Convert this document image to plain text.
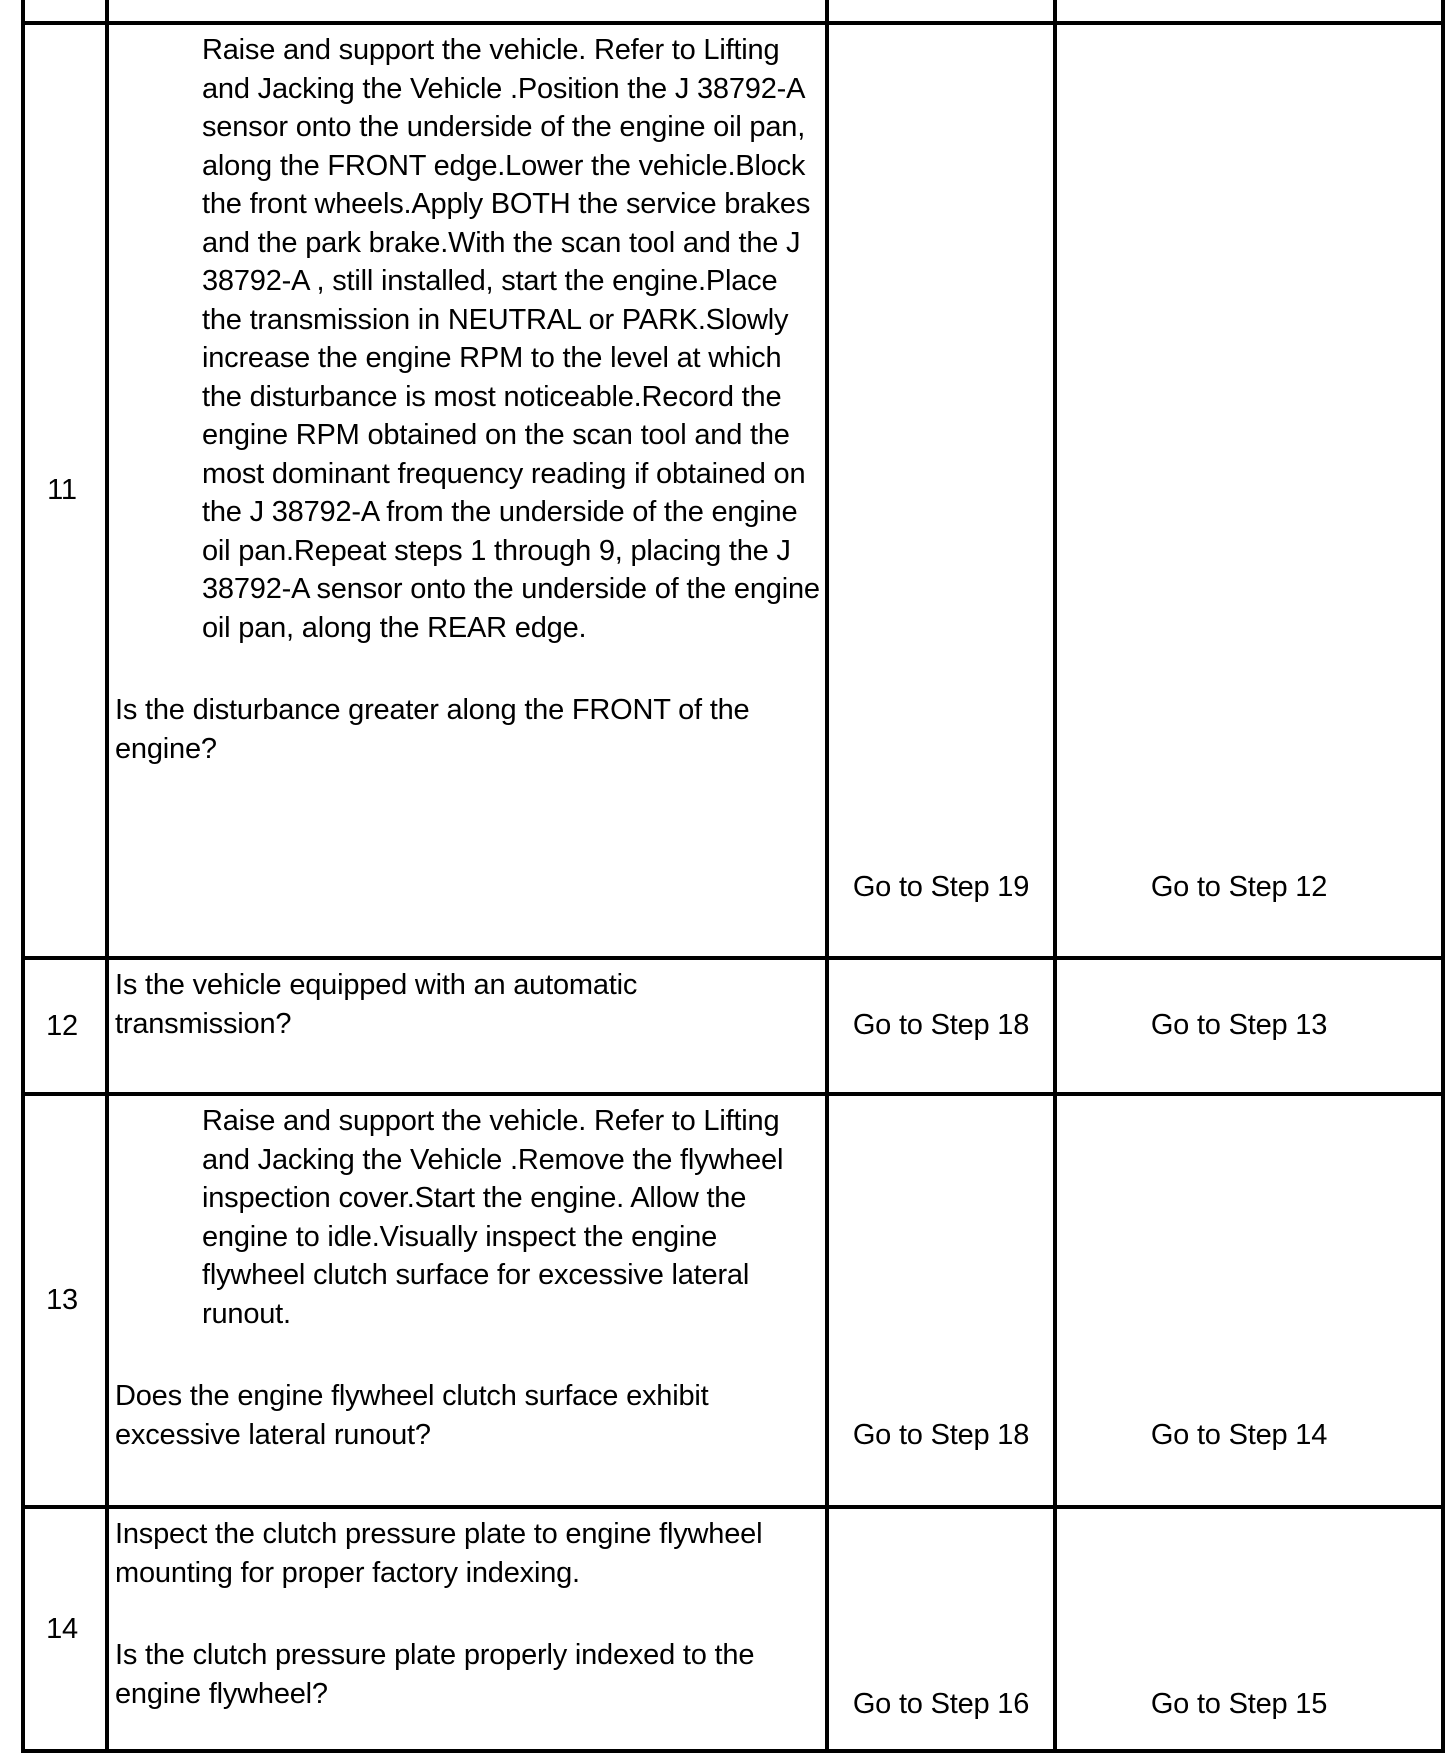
11	Raise and support the vehicle. Refer to Lifting and Jacking the Vehicle .Position the J 38792-A sensor onto the underside of the engine oil pan, along the FRONT edge.Lower the vehicle.Block the front wheels.Apply BOTH the service brakes and the park brake.With the scan tool and the J 38792-A , still installed, start the engine.Place the transmission in NEUTRAL or PARK.Slowly increase the engine RPM to the level at which the disturbance is most noticeable.Record the engine RPM obtained on the scan tool and the most dominant frequency reading if obtained on the J 38792-A from the underside of the engine oil pan.Repeat steps 1 through 9, placing the J 38792-A sensor onto the underside of the engine oil pan, along the REAR edge.
Is the disturbance greater along the FRONT of the engine?	Go to Step 19	Go to Step 12

12	Is the vehicle equipped with an automatic transmission?	Go to Step 18	Go to Step 13

13	Raise and support the vehicle. Refer to Lifting and Jacking the Vehicle .Remove the flywheel inspection cover.Start the engine. Allow the engine to idle.Visually inspect the engine flywheel clutch surface for excessive lateral runout.
Does the engine flywheel clutch surface exhibit excessive lateral runout?	Go to Step 18	Go to Step 14

14	Inspect the clutch pressure plate to engine flywheel mounting for proper factory indexing.
Is the clutch pressure plate properly indexed to the engine flywheel?	Go to Step 16	Go to Step 15
